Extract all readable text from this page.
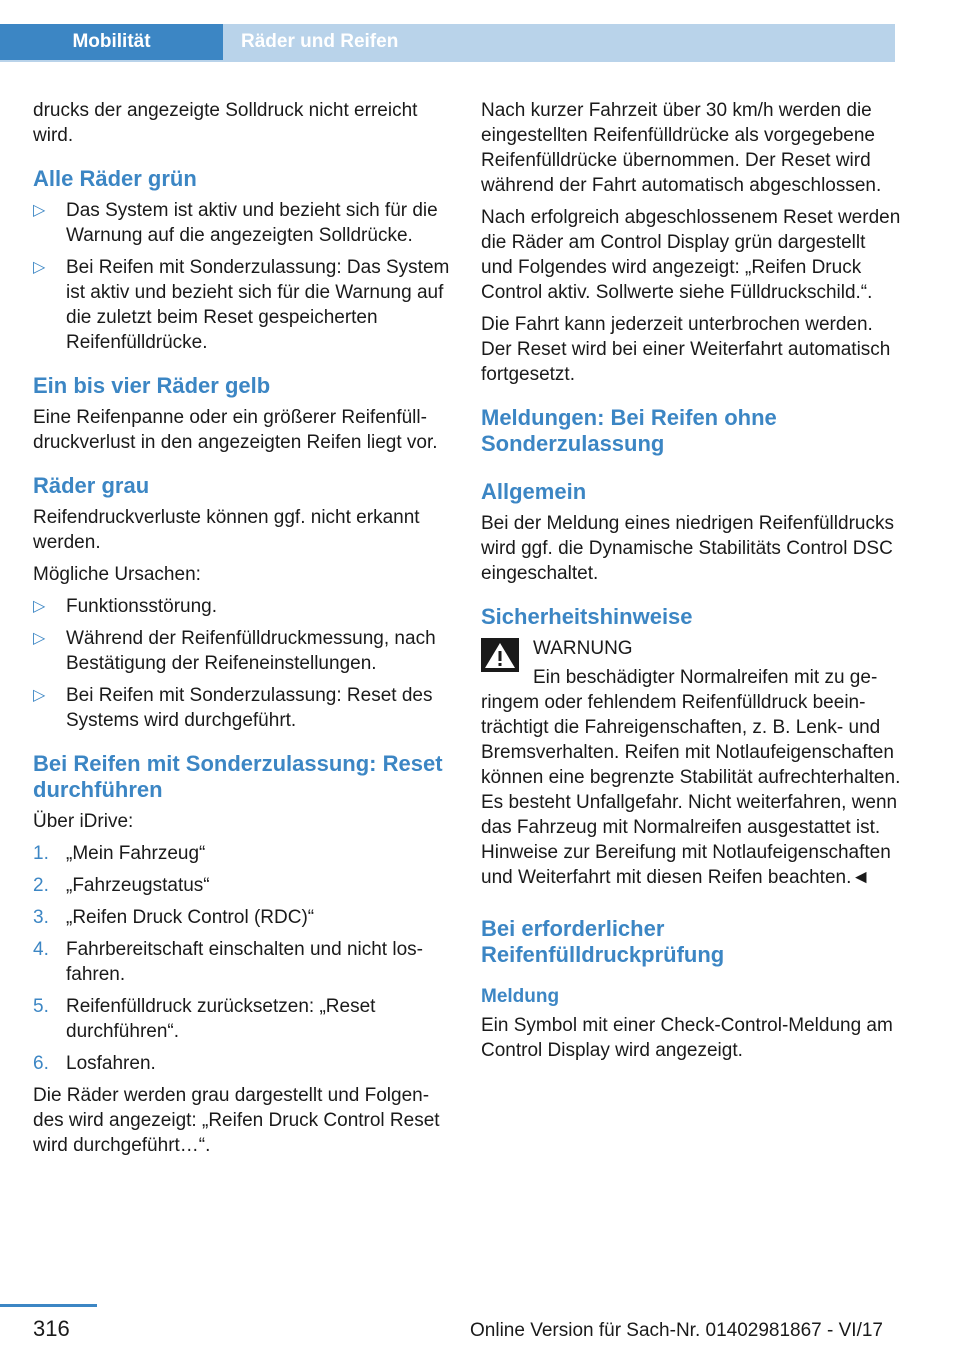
Mobilität	Räder und Reifen

drucks der angezeigte Solldruck nicht erreicht wird.

Alle Räder grün
▷ Das System ist aktiv und bezieht sich für die Warnung auf die angezeigten Solldrücke.
▷ Bei Reifen mit Sonderzulassung: Das System ist aktiv und bezieht sich für die Warnung auf die zuletzt beim Reset gespeicherten Reifenfülldrücke.
Ein bis vier Räder gelb

Eine Reifenpanne oder ein größerer Reifenfülldruckverlust in den angezeigten Reifen liegt vor.

Räder grau

Reifendruckverluste können ggf. nicht erkannt werden.

Mögliche Ursachen:

▷ Funktionsstörung.
▷ Während der Reifenfülldruckmessung, nach Bestätigung der Reifeneinstellungen.
▷ Bei Reifen mit Sonderzulassung: Reset des Systems wird durchgeführt.
Bei Reifen mit Sonderzulassung: Reset durchführen

Über iDrive:

1. „Mein Fahrzeug“
2. „Fahrzeugstatus“
3. „Reifen Druck Control (RDC)“
4. Fahrbereitschaft einschalten und nicht losfahren.
5. Reifenfülldruck zurücksetzen: „Reset durchführen“.
6. Losfahren.

Die Räder werden grau dargestellt und Folgendes wird angezeigt: „Reifen Druck Control Reset wird durchgeführt…“.

Nach kurzer Fahrzeit über 30 km/h werden die eingestellten Reifenfülldrücke als vorgegebene Reifenfülldrücke übernommen. Der Reset wird während der Fahrt automatisch abgeschlossen.

Nach erfolgreich abgeschlossenem Reset werden die Räder am Control Display grün dargestellt und Folgendes wird angezeigt: „Reifen Druck Control aktiv. Sollwerte siehe Fülldruckschild.“.

Die Fahrt kann jederzeit unterbrochen werden. Der Reset wird bei einer Weiterfahrt automatisch fortgesetzt.

Meldungen: Bei Reifen ohne Sonderzulassung
Allgemein

Bei der Meldung eines niedrigen Reifenfülldrucks wird ggf. die Dynamische Stabilitäts Control DSC eingeschaltet.

Sicherheitshinweise
WARNUNG
Ein beschädigter Normalreifen mit zu geringem oder fehlendem Reifenfülldruck beeinträchtigt die Fahreigenschaften, z. B. Lenk- und Bremsverhalten. Reifen mit Notlaufeigenschaften können eine begrenzte Stabilität aufrechterhalten. Es besteht Unfallgefahr. Nicht weiterfahren, wenn das Fahrzeug mit Normalreifen ausgestattet ist. Hinweise zur Bereifung mit Notlaufeigenschaften und Weiterfahrt mit diesen Reifen beachten.◄
Bei erforderlicher Reifenfülldruckprüfung
Meldung

Ein Symbol mit einer Check-Control-Meldung am Control Display wird angezeigt.

316	Online Version für Sach-Nr. 01402981867 - VI/17
